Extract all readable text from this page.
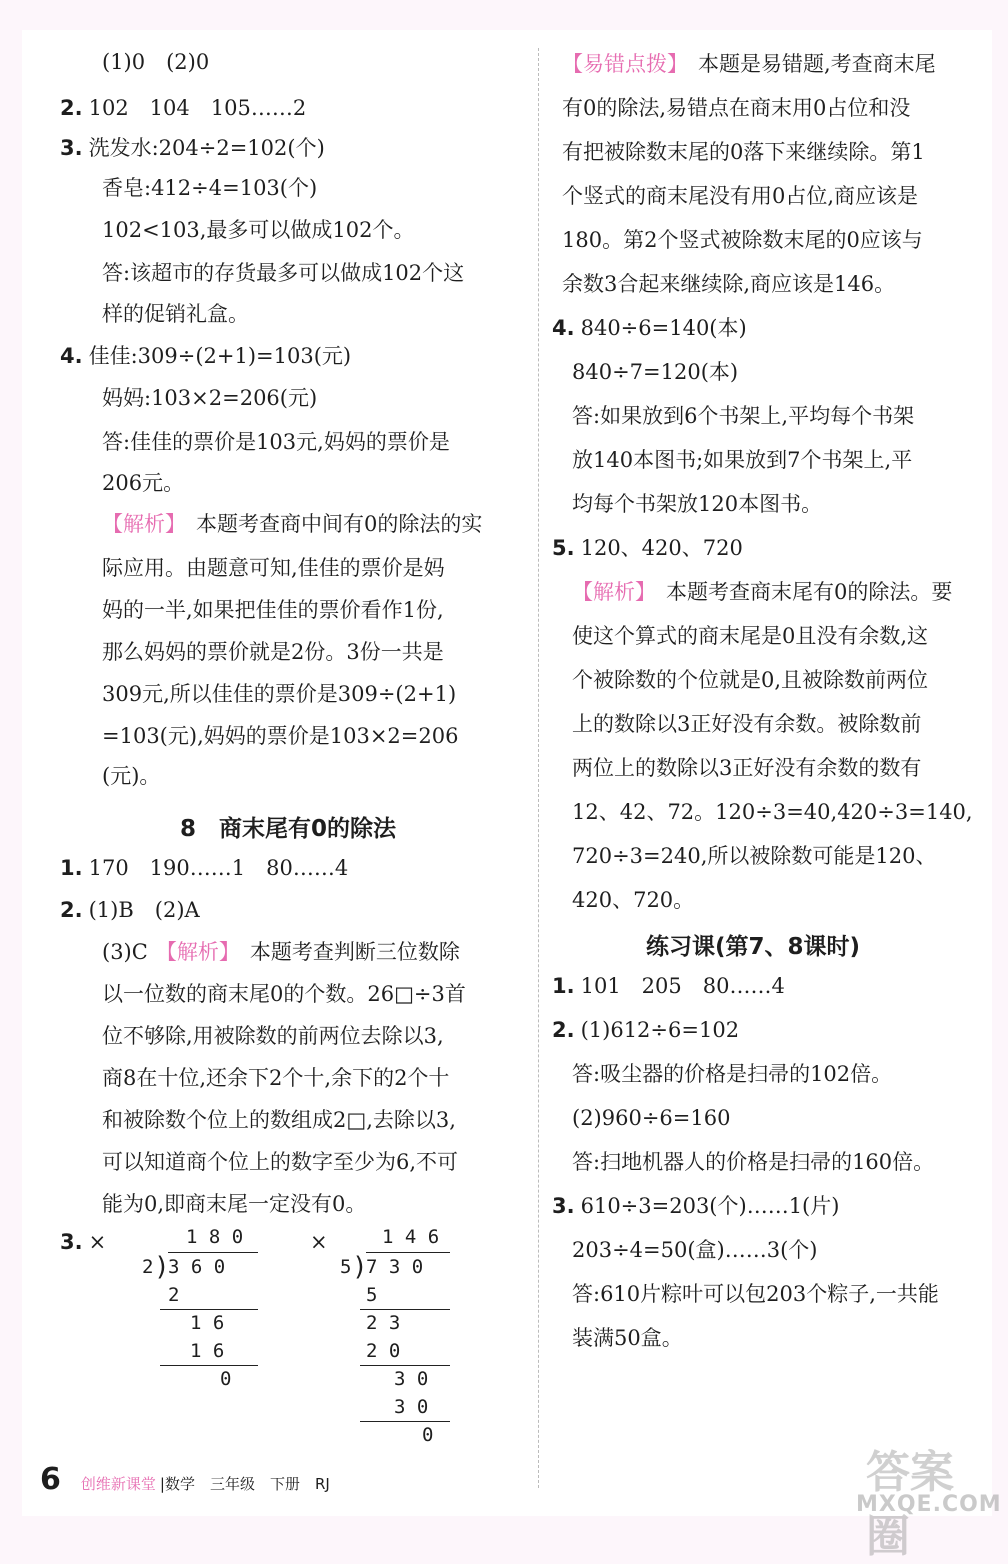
(1)0　(2)0
2. 102　104　105……2
3. 洗发水:204÷2=102(个)
香皂:412÷4=103(个)
102<103,最多可以做成102个。
答:该超市的存货最多可以做成102个这
样的促销礼盒。
4. 佳佳:309÷(2+1)=103(元)
妈妈:103×2=206(元)
答:佳佳的票价是103元,妈妈的票价是
206元。
【解析】 本题考查商中间有0的除法的实
际应用。由题意可知,佳佳的票价是妈
妈的一半,如果把佳佳的票价看作1份,
那么妈妈的票价就是2份。3份一共是
309元,所以佳佳的票价是309÷(2+1)
=103(元),妈妈的票价是103×2=206
(元)。
8　商末尾有0的除法
1. 170　190……1　80……4
2. (1)B　(2)A
(3)C 【解析】 本题考查判断三位数除
以一位数的商末尾0的个数。26□÷3首
位不够除,用被除数的前两位去除以3,
商8在十位,还余下2个十,余下的2个十
和被除数个位上的数组成2□,去除以3,
可以知道商个位上的数字至少为6,不可
能为0,即商末尾一定没有0。
3. ×	×
1 8 0
2 )
3 6 0
2
1 6
1 6
0
1 4 6
5 )
7 3 0
5
2 3
2 0
3 0
3 0
0
【易错点拨】 本题是易错题,考查商末尾
有0的除法,易错点在商末用0占位和没
有把被除数末尾的0落下来继续除。第1
个竖式的商末尾没有用0占位,商应该是
180。第2个竖式被除数末尾的0应该与
余数3合起来继续除,商应该是146。
4. 840÷6=140(本)
840÷7=120(本)
答:如果放到6个书架上,平均每个书架
放140本图书;如果放到7个书架上,平
均每个书架放120本图书。
5. 120、420、720
【解析】 本题考查商末尾有0的除法。要
使这个算式的商末尾是0且没有余数,这
个被除数的个位就是0,且被除数前两位
上的数除以3正好没有余数。被除数前
两位上的数除以3正好没有余数的数有
12、42、72。120÷3=40,420÷3=140,
720÷3=240,所以被除数可能是120、
420、720。
练习课(第7、8课时)
1. 101　205　80……4
2. (1)612÷6=102
答:吸尘器的价格是扫帚的102倍。
(2)960÷6=160
答:扫地机器人的价格是扫帚的160倍。
3. 610÷3=203(个)……1(片)
203÷4=50(盒)……3(个)
答:610片粽叶可以包203个粽子,一共能
装满50盒。
6 创维新课堂 |数学　三年级　下册　RJ	答案圈
MXQE.COM
